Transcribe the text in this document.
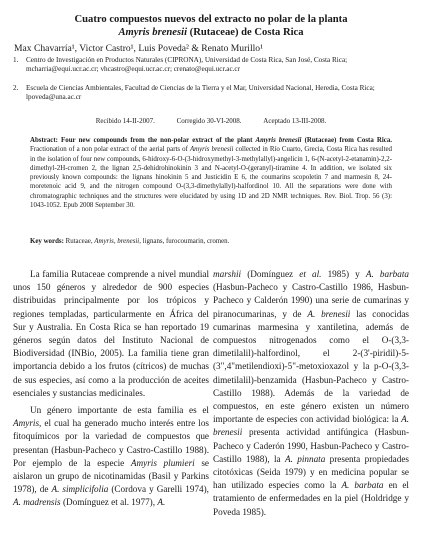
Cuatro compuestos nuevos del extracto no polar de la planta
Amyris brenesii (Rutaceae) de Costa Rica
Max Chavarría¹, Victor Castro¹, Luis Poveda² & Renato Murillo¹
1. Centro de Investigación en Productos Naturales (CIPRONA), Universidad de Costa Rica, San José, Costa Rica; mcharria@equi.ucr.ac.cr; vhcastro@equi.ucr.ac.cr; crenato@equi.ucr.ac.cr
2. Escuela de Ciencias Ambientales, Facultad de Ciencias de la Tierra y el Mar, Universidad Nacional, Heredia, Costa Rica; lpoveda@una.ac.cr
Recibido 14-II-2007.	Corregido 30-VI-2008.	Aceptado 13-III-2008.
Abstract: Four new compounds from the non-polar extract of the plant Amyris brenesii (Rutaceae) from Costa Rica. Fractionation of a non polar extract of the aerial parts of Amyris brenesii collected in Río Cuarto, Grecia, Costa Rica has resulted in the isolation of four new compounds, 6-hidroxy-6-O-(3-hidroxymethyl-3-methylallyl)-angelicin 1, 6-(N-acetyl-2-etanamin)-2,2-dimethyl-2H-cromen 2, the lignan 2,5-dehidrohinokinin 3 and N-acetyl-O-(geranyl)-tiramine 4. In addition, we isolated six previously known compounds: the lignans hinokinin 5 and Justicidin E 6, the coumarins scopoletin 7 and marmesin 8, 24-moretenoic acid 9, and the nitrogen compound O-(3,3-dimethylallyl)-halfordinol 10. All the separations were done with chromatographic techniques and the structures were elucidated by using 1D and 2D NMR techniques. Rev. Biol. Trop. 56 (3): 1043-1052. Epub 2008 September 30.
Key words: Rutaceae, Amyris, brenesii, lignans, furocoumarin, cromen.

La familia Rutaceae comprende a nivel mundial unos 150 géneros y alrededor de 900 especies distribuidas principalmente por los trópicos y regiones templadas, particularmente en África del Sur y Australia. En Costa Rica se han reportado 19 géneros según datos del Instituto Nacional de Biodiversidad (INBio, 2005). La familia tiene gran importancia debido a los frutos (cítricos) de muchas de sus especies, así como a la producción de aceites esenciales y sustancias medicinales.

Un género importante de esta familia es el Amyris, el cual ha generado mucho interés entre los fitoquímicos por la variedad de compuestos que presentan (Hasbun-Pacheco y Castro-Castillo 1988). Por ejemplo de la especie Amyris plumieri se aislaron un grupo de nicotinamidas (Basil y Parkins 1978), de A. simplicifolia (Cordova y Garelli 1974), A. madrensis (Domínguez et al. 1977), A.

marshii (Domínguez et al. 1985) y A. barbata (Hasbun-Pacheco y Castro-Castillo 1986, Hasbun-Pacheco y Calderón 1990) una serie de cumarinas y piranocumarinas, y de A. brenesii las conocidas cumarinas marmesina y xantiletina, además de compuestos nitrogenados como el O-(3,3-dimetilalil)-halfordinol, el 2-(3'-piridil)-5-(3",4"metilendioxi)-5"-metoxioxazol y la p-O-(3,3-dimetilalil)-benzamida (Hasbun-Pacheco y Castro-Castillo 1988). Además de la variedad de compuestos, en este género existen un número importante de especies con actividad biológica: la A. brenesii presenta actividad antifúngica (Hasbun-Pacheco y Caderón 1990, Hasbun-Pacheco y Castro-Castillo 1988), la A. pinnata presenta propiedades citotóxicas (Seida 1979) y en medicina popular se han utilizado especies como la A. barbata en el tratamiento de enfermedades en la piel (Holdridge y Poveda 1985).
